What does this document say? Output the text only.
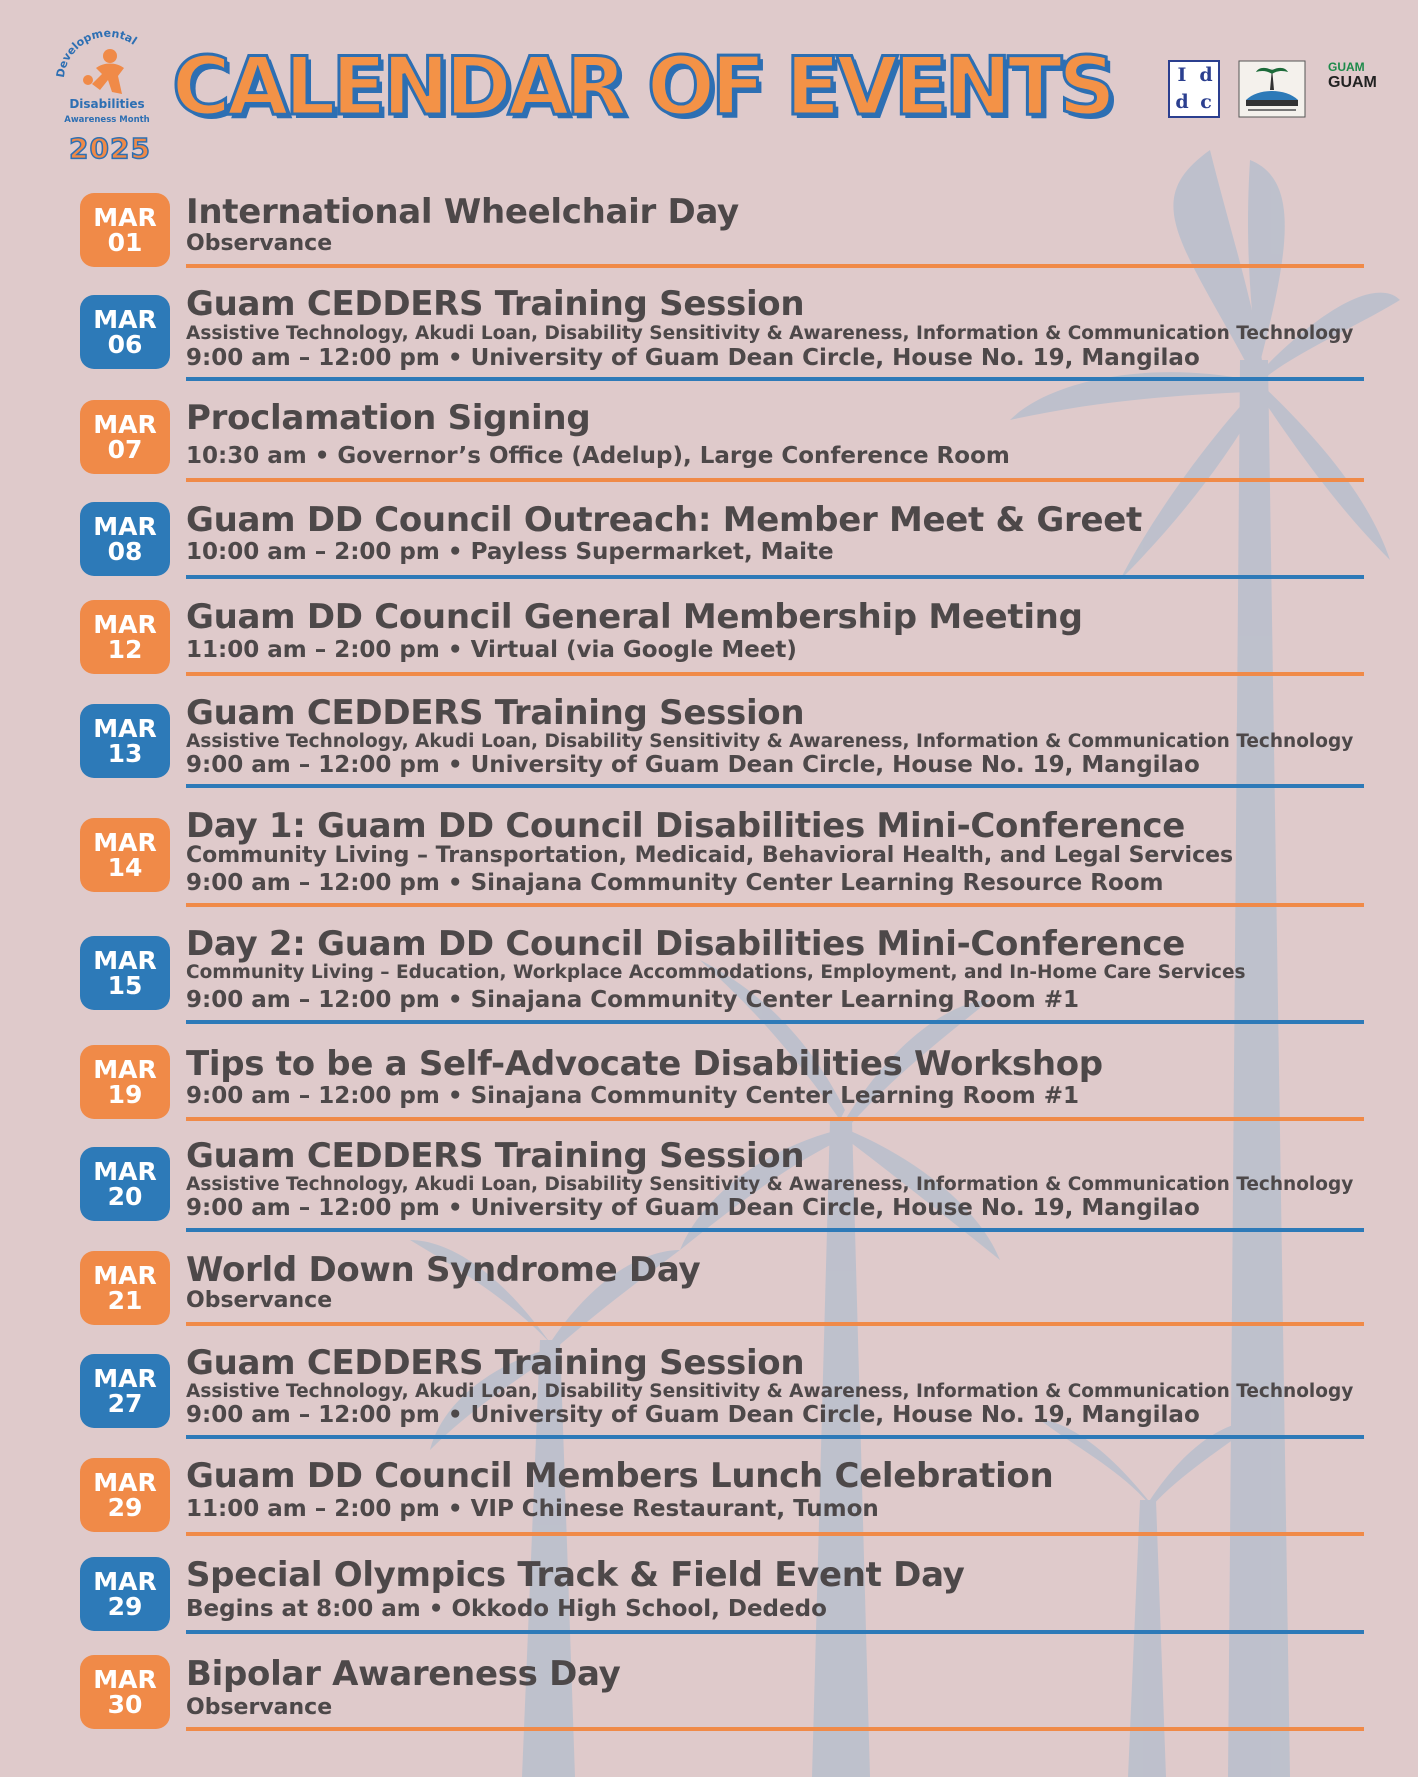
Developmental
Disabilities
Awareness Month
2025
CALENDAR OF EVENTS	I d
d c
GUAM
GUAM
MAR
01
International Wheelchair Day
Observance
MAR
06
Guam CEDDERS Training Session
Assistive Technology, Akudi Loan, Disability Sensitivity & Awareness, Information & Communication Technology
9:00 am – 12:00 pm • University of Guam Dean Circle, House No. 19, Mangilao
MAR
07
Proclamation Signing
10:30 am • Governor’s Office (Adelup), Large Conference Room
MAR
08
Guam DD Council Outreach: Member Meet & Greet
10:00 am – 2:00 pm • Payless Supermarket, Maite
MAR
12
Guam DD Council General Membership Meeting
11:00 am – 2:00 pm • Virtual (via Google Meet)
MAR
13
Guam CEDDERS Training Session
Assistive Technology, Akudi Loan, Disability Sensitivity & Awareness, Information & Communication Technology
9:00 am – 12:00 pm • University of Guam Dean Circle, House No. 19, Mangilao
MAR
14
Day 1: Guam DD Council Disabilities Mini-Conference
Community Living – Transportation, Medicaid, Behavioral Health, and Legal Services
9:00 am – 12:00 pm • Sinajana Community Center Learning Resource Room
MAR
15
Day 2: Guam DD Council Disabilities Mini-Conference
Community Living – Education, Workplace Accommodations, Employment, and In-Home Care Services
9:00 am – 12:00 pm • Sinajana Community Center Learning Room #1
MAR
19
Tips to be a Self-Advocate Disabilities Workshop
9:00 am – 12:00 pm • Sinajana Community Center Learning Room #1
MAR
20
Guam CEDDERS Training Session
Assistive Technology, Akudi Loan, Disability Sensitivity & Awareness, Information & Communication Technology
9:00 am – 12:00 pm • University of Guam Dean Circle, House No. 19, Mangilao
MAR
21
World Down Syndrome Day
Observance
MAR
27
Guam CEDDERS Training Session
Assistive Technology, Akudi Loan, Disability Sensitivity & Awareness, Information & Communication Technology
9:00 am – 12:00 pm • University of Guam Dean Circle, House No. 19, Mangilao
MAR
29
Guam DD Council Members Lunch Celebration
11:00 am – 2:00 pm • VIP Chinese Restaurant, Tumon
MAR
29
Special Olympics Track & Field Event Day
Begins at 8:00 am • Okkodo High School, Dededo
MAR
30
Bipolar Awareness Day
Observance
